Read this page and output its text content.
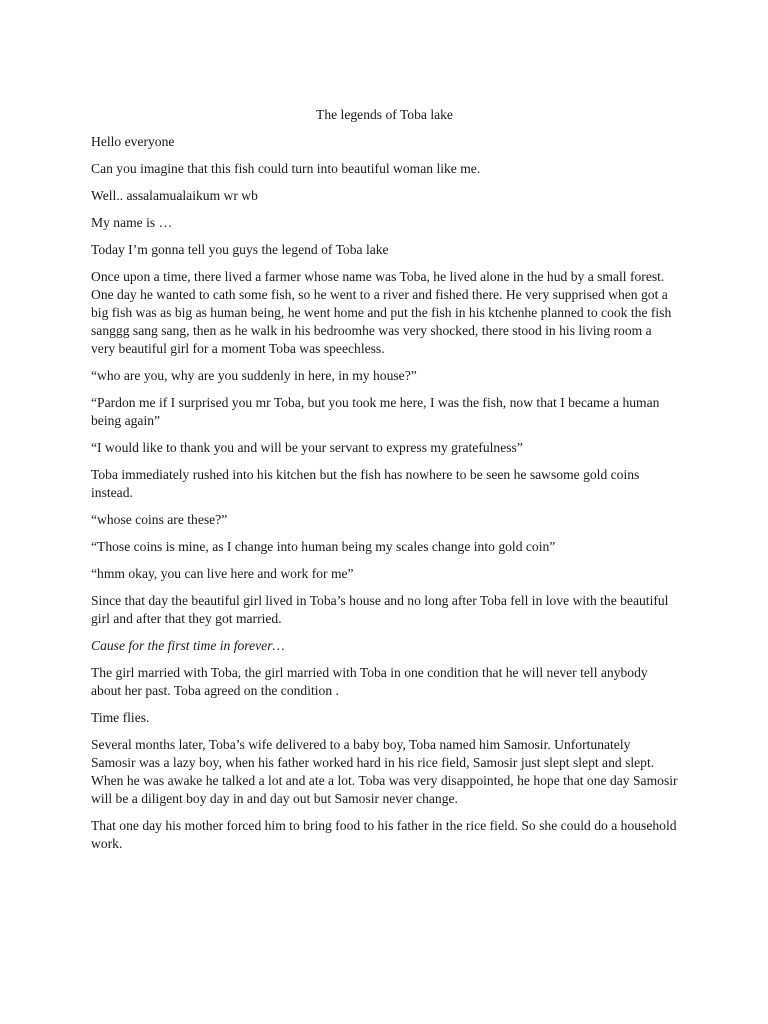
The legends of Toba lake

Hello everyone

Can you imagine that this fish could turn into beautiful woman like me.

Well.. assalamualaikum wr wb

My name is …

Today I’m gonna tell you guys the legend of Toba lake

Once upon a time, there lived a farmer whose name was Toba, he lived alone in the hud by a small forest. One day he wanted to cath some fish, so he went to a river and fished there. He very supprised when got a big fish was as big as human being, he went home and put the fish in his ktchenhe planned to cook the fish sanggg sang sang, then as he walk in his bedroomhe was very shocked, there stood in his living room a very beautiful girl for a moment Toba was speechless.

“who are you, why are you suddenly in here, in my house?”

“Pardon me if I surprised you mr Toba, but you took me here, I was the fish, now that I became a human being again”

“I would like to thank you and will be your servant to express my gratefulness”

Toba immediately rushed into his kitchen but the fish has nowhere to be seen he sawsome gold coins instead.

“whose coins are these?”

“Those coins is mine, as I change into human being my scales change into gold coin”

“hmm okay, you can live here and work for me”

Since that day the beautiful girl lived in Toba’s house and no long after Toba fell in love with the beautiful girl and after that they got married.

Cause for the first time in forever…

The girl married with Toba, the girl married with Toba in one condition that he will never tell anybody about her past. Toba agreed on the condition .

Time flies.

Several months later, Toba’s wife delivered to a baby boy, Toba named him Samosir. Unfortunately Samosir was a lazy boy, when his father worked hard in his rice field, Samosir just slept slept and slept. When he was awake he talked a lot and ate a lot. Toba was very disappointed, he hope that one day Samosir will be a diligent boy day in and day out but Samosir never change.

That one day his mother forced him to bring food to his father in the rice field. So she could do a household work.
